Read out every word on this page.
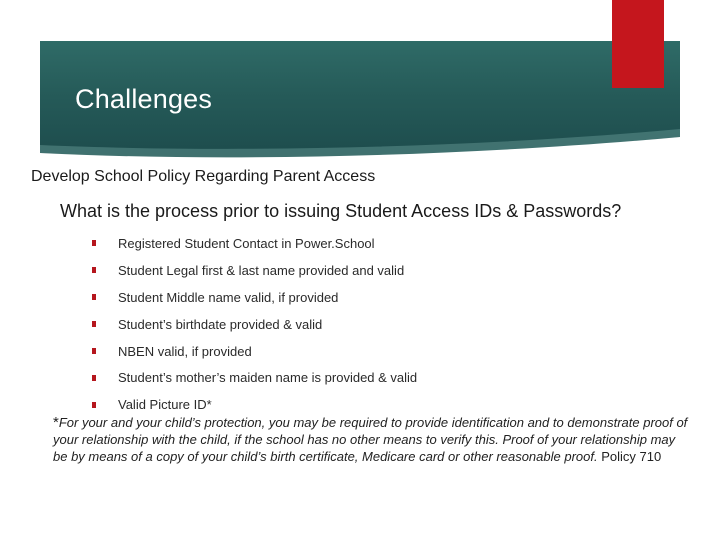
Challenges
Develop School Policy Regarding Parent Access
What is the process prior to issuing Student Access IDs & Passwords?
Registered Student Contact in Power.School
Student Legal first & last name provided and valid
Student Middle name valid, if provided
Student’s birthdate provided & valid
NBEN valid, if provided
Student’s mother’s maiden name is provided & valid
Valid Picture ID*
*For your and your child’s protection, you may be required to provide identification and to demonstrate proof of your relationship with the child, if the school has no other means to verify this. Proof of your relationship may be by means of a copy of your child’s birth certificate, Medicare card or other reasonable proof. Policy 710
